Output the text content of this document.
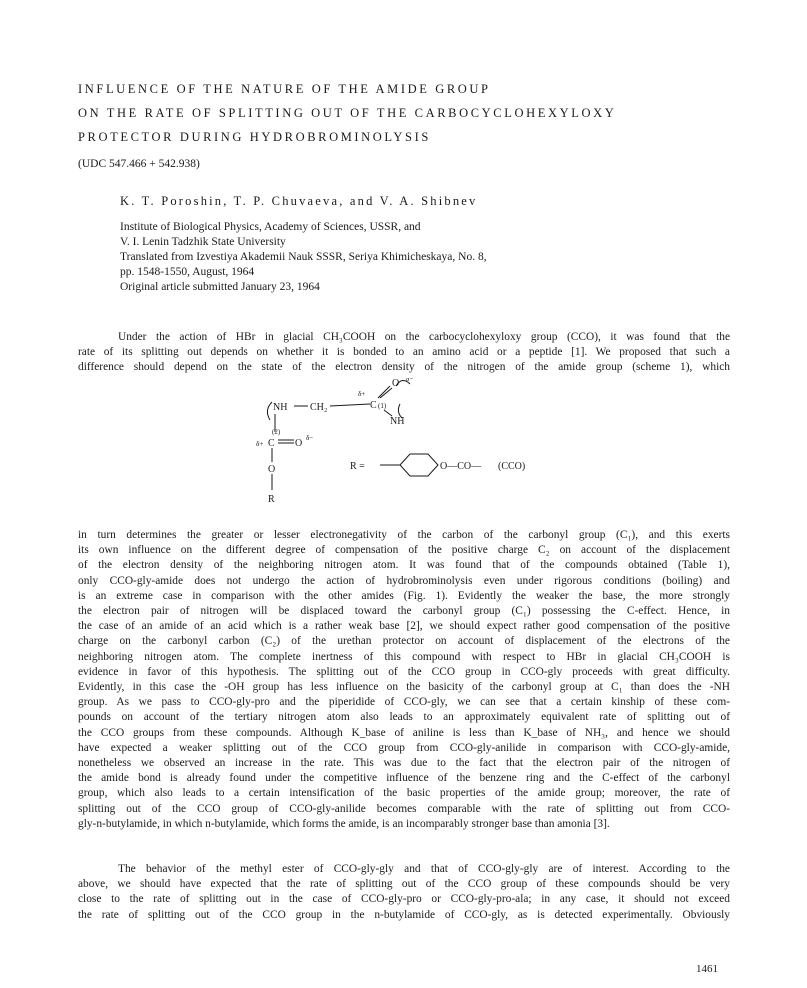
INFLUENCE OF THE NATURE OF THE AMIDE GROUP
ON THE RATE OF SPLITTING OUT OF THE CARBOCYCLOHEXYLOXY
PROTECTOR DURING HYDROBROMINOLYSIS
(UDC 547.466 + 542.938)
K. T. Poroshin, T. P. Chuvaeva, and V. A. Shibnev
Institute of Biological Physics, Academy of Sciences, USSR, and
V. I. Lenin Tadzhik State University
Translated from Izvestiya Akademii Nauk SSSR, Seriya Khimicheskaya, No. 8,
pp. 1548-1550, August, 1964
Original article submitted January 23, 1964
Under the action of HBr in glacial CH₃COOH on the carbocyclohexyloxy group (CCO), it was found that the
rate of its splitting out depends on whether it is bonded to an amino acid or a peptide [1]. We proposed that such a
difference should depend on the state of the electron density of the nitrogen of the amide group (scheme 1), which
NH CH₂	C (1)
NH
O
C
(2)
O
O
R
δ+
δ−
δ+
δ−
R =	O—CO— (CCO)
in turn determines the greater or lesser electronegativity of the carbon of the carbonyl group (C₁), and this exerts
its own influence on the different degree of compensation of the positive charge C₂ on account of the displacement
of the electron density of the neighboring nitrogen atom. It was found that of the compounds obtained (Table 1),
only CCO-gly-amide does not undergo the action of hydrobrominolysis even under rigorous conditions (boiling) and
is an extreme case in comparison with the other amides (Fig. 1). Evidently the weaker the base, the more strongly
the electron pair of nitrogen will be displaced toward the carbonyl group (C₁) possessing the C-effect. Hence, in
the case of an amide of an acid which is a rather weak base [2], we should expect rather good compensation of the positive
charge on the carbonyl carbon (C₂) of the urethan protector on account of displacement of the electrons of the
neighboring nitrogen atom. The complete inertness of this compound with respect to HBr in glacial CH₃COOH is
evidence in favor of this hypothesis. The splitting out of the CCO group in CCO-gly proceeds with great difficulty.
Evidently, in this case the -OH group has less influence on the basicity of the carbonyl group at C₁ than does the -NH
group. As we pass to CCO-gly-pro and the piperidide of CCO-gly, we can see that a certain kinship of these com-
pounds on account of the tertiary nitrogen atom also leads to an approximately equivalent rate of splitting out of
the CCO groups from these compounds. Although K_base of aniline is less than K_base of NH₃, and hence we should
have expected a weaker splitting out of the CCO group from CCO-gly-anilide in comparison with CCO-gly-amide,
nonetheless we observed an increase in the rate. This was due to the fact that the electron pair of the nitrogen of
the amide bond is already found under the competitive influence of the benzene ring and the C-effect of the carbonyl
group, which also leads to a certain intensification of the basic properties of the amide group; moreover, the rate of
splitting out of the CCO group of CCO-gly-anilide becomes comparable with the rate of splitting out from CCO-
gly-n-butylamide, in which n-butylamide, which forms the amide, is an incomparably stronger base than amonia [3].
The behavior of the methyl ester of CCO-gly-gly and that of CCO-gly-gly are of interest. According to the
above, we should have expected that the rate of splitting out of the CCO group of these compounds should be very
close to the rate of splitting out in the case of CCO-gly-pro or CCO-gly-pro-ala; in any case, it should not exceed
the rate of splitting out of the CCO group in the n-butylamide of CCO-gly, as is detected experimentally. Obviously
1461
